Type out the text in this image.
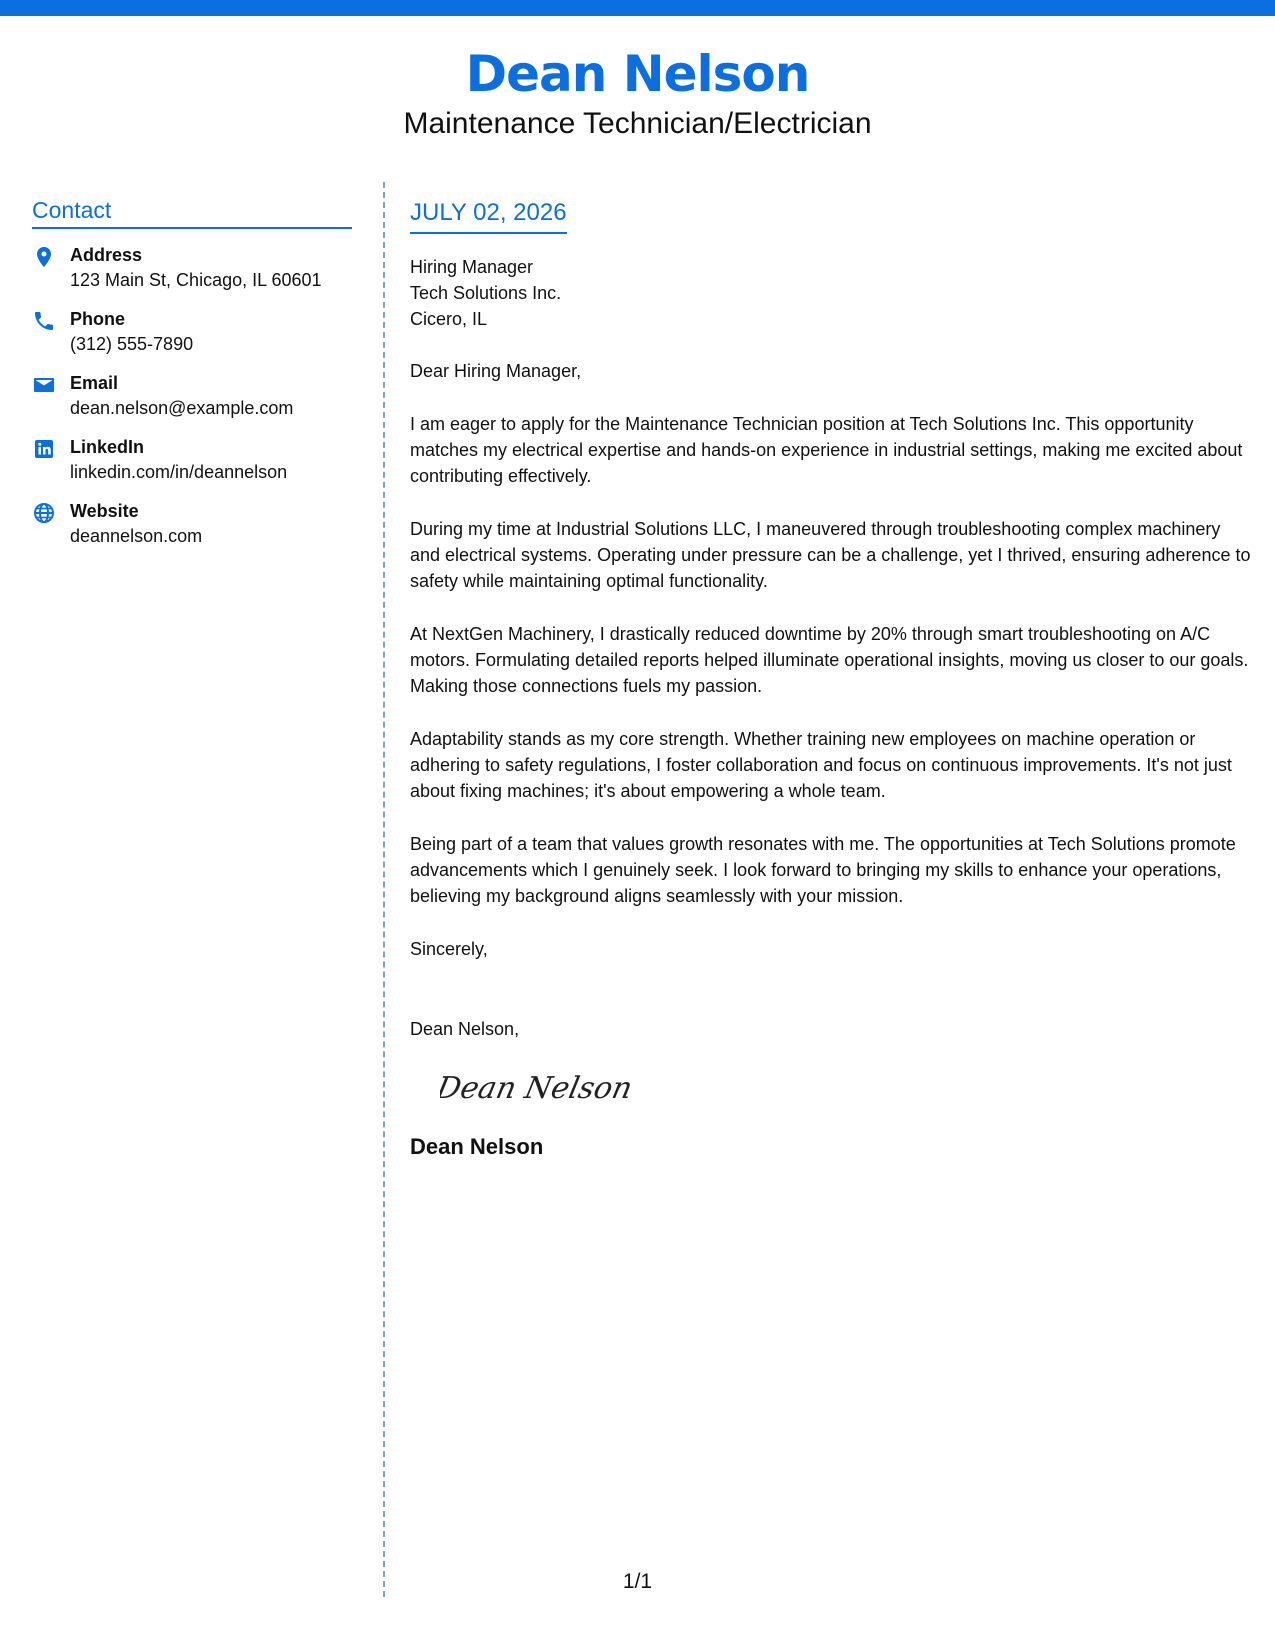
Dean Nelson
Maintenance Technician/Electrician
Contact
Address
123 Main St, Chicago, IL 60601
Phone
(312) 555-7890
Email
dean.nelson@example.com
LinkedIn
linkedin.com/in/deannelson
Website
deannelson.com
JULY 02, 2026
Hiring Manager
Tech Solutions Inc.
Cicero, IL
Dear Hiring Manager,
I am eager to apply for the Maintenance Technician position at Tech Solutions Inc. This opportunity matches my electrical expertise and hands-on experience in industrial settings, making me excited about contributing effectively.
During my time at Industrial Solutions LLC, I maneuvered through troubleshooting complex machinery and electrical systems. Operating under pressure can be a challenge, yet I thrived, ensuring adherence to safety while maintaining optimal functionality.
At NextGen Machinery, I drastically reduced downtime by 20% through smart troubleshooting on A/C motors. Formulating detailed reports helped illuminate operational insights, moving us closer to our goals. Making those connections fuels my passion.
Adaptability stands as my core strength. Whether training new employees on machine operation or adhering to safety regulations, I foster collaboration and focus on continuous improvements. It's not just about fixing machines; it's about empowering a whole team.
Being part of a team that values growth resonates with me. The opportunities at Tech Solutions promote advancements which I genuinely seek. I look forward to bringing my skills to enhance your operations, believing my background aligns seamlessly with your mission.
Sincerely,
Dean Nelson,
Dean Nelson
Dean Nelson
1/1
